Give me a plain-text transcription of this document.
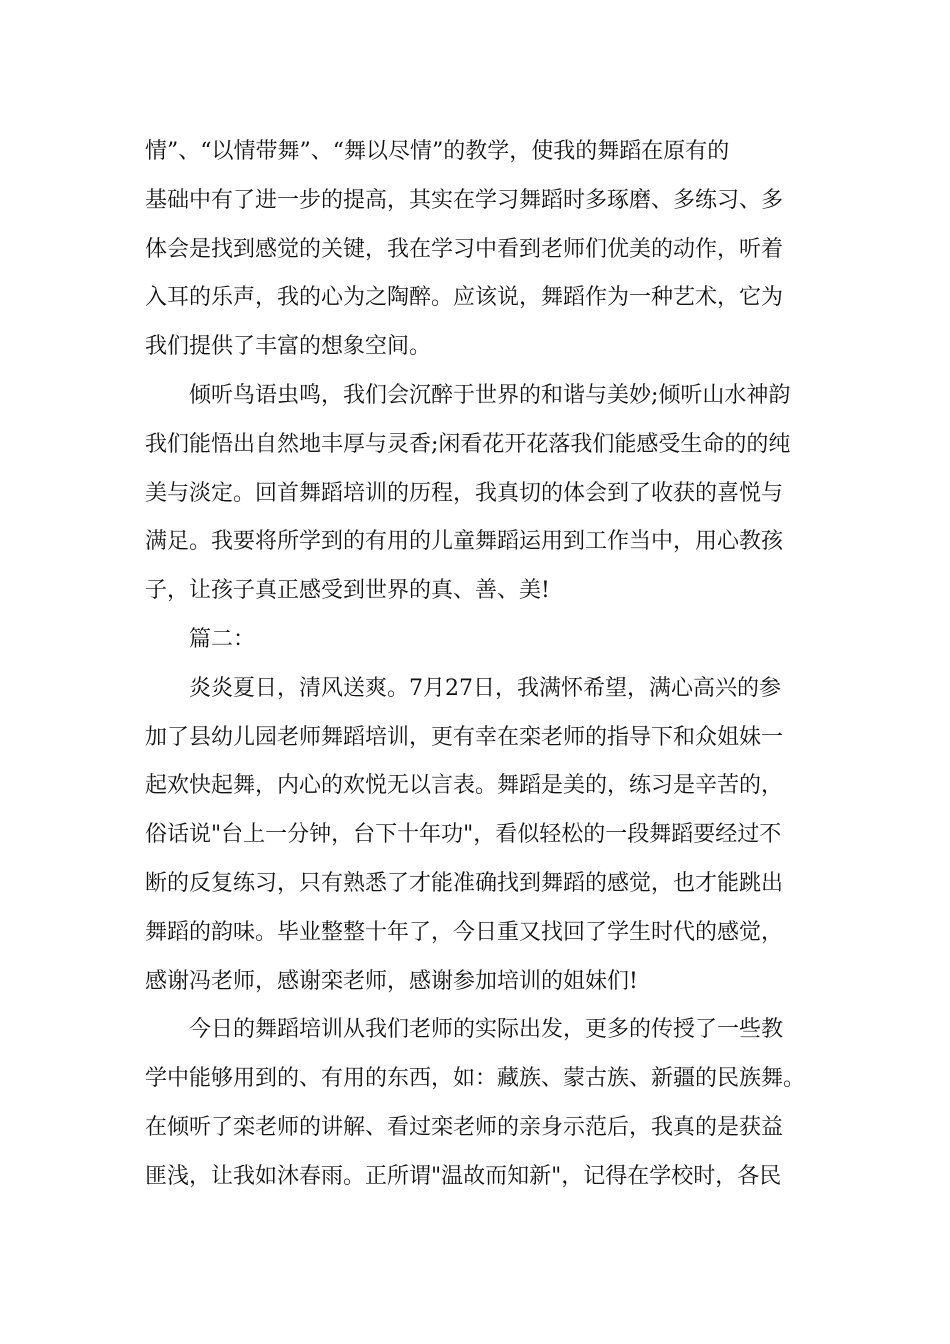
情”、“以情带舞”、“舞以尽情”的教学，使我的舞蹈在原有的
基础中有了进一步的提高，其实在学习舞蹈时多琢磨、多练习、多
体会是找到感觉的关键，我在学习中看到老师们优美的动作，听着
入耳的乐声，我的心为之陶醉。应该说，舞蹈作为一种艺术，它为
我们提供了丰富的想象空间。
倾听鸟语虫鸣，我们会沉醉于世界的和谐与美妙;倾听山水神韵
我们能悟出自然地丰厚与灵香;闲看花开花落我们能感受生命的的纯
美与淡定。回首舞蹈培训的历程，我真切的体会到了收获的喜悦与
满足。我要将所学到的有用的儿童舞蹈运用到工作当中，用心教孩
子，让孩子真正感受到世界的真、善、美!
篇二：
炎炎夏日，清风送爽。7月27日，我满怀希望，满心高兴的参
加了县幼儿园老师舞蹈培训，更有幸在栾老师的指导下和众姐妹一
起欢快起舞，内心的欢悦无以言表。舞蹈是美的，练习是辛苦的，
俗话说"台上一分钟，台下十年功"，看似轻松的一段舞蹈要经过不
断的反复练习，只有熟悉了才能准确找到舞蹈的感觉，也才能跳出
舞蹈的韵味。毕业整整十年了，今日重又找回了学生时代的感觉，
感谢冯老师，感谢栾老师，感谢参加培训的姐妹们!
今日的舞蹈培训从我们老师的实际出发，更多的传授了一些教
学中能够用到的、有用的东西，如：藏族、蒙古族、新疆的民族舞。
在倾听了栾老师的讲解、看过栾老师的亲身示范后，我真的是获益
匪浅，让我如沐春雨。正所谓"温故而知新"，记得在学校时，各民
